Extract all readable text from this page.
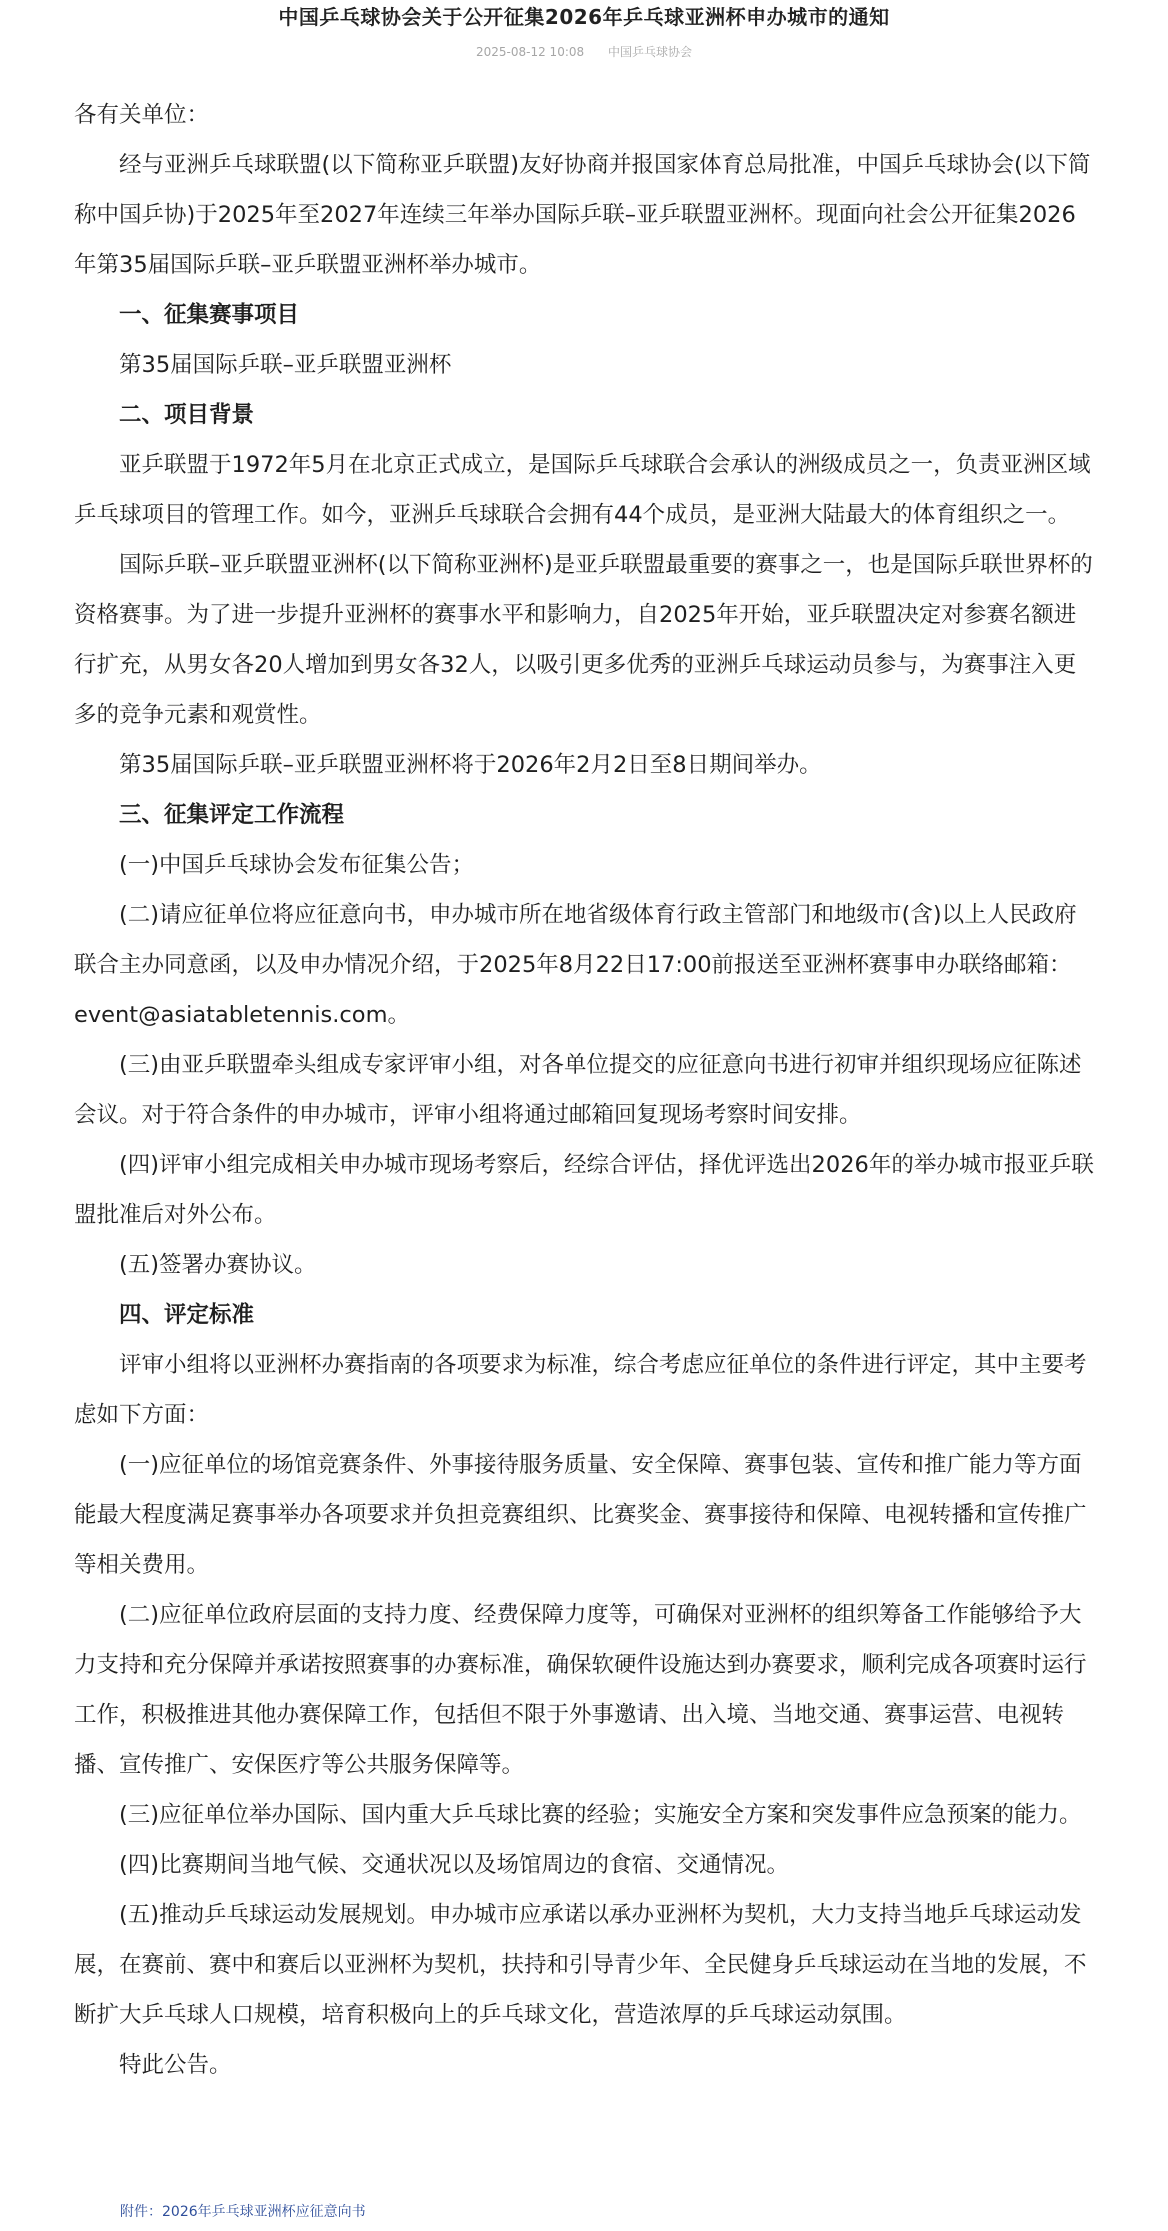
中国乒乓球协会关于公开征集2026年乒乓球亚洲杯申办城市的通知
2025-08-12 10:08 中国乒乓球协会

各有关单位：

经与亚洲乒乓球联盟(以下简称亚乒联盟)友好协商并报国家体育总局批准，中国乒乓球协会(以下简称中国乒协)于2025年至2027年连续三年举办国际乒联–亚乒联盟亚洲杯。现面向社会公开征集2026年第35届国际乒联–亚乒联盟亚洲杯举办城市。

一、征集赛事项目

第35届国际乒联–亚乒联盟亚洲杯

二、项目背景

亚乒联盟于1972年5月在北京正式成立，是国际乒乓球联合会承认的洲级成员之一，负责亚洲区域乒乓球项目的管理工作。如今，亚洲乒乓球联合会拥有44个成员，是亚洲大陆最大的体育组织之一。

国际乒联–亚乒联盟亚洲杯(以下简称亚洲杯)是亚乒联盟最重要的赛事之一，也是国际乒联世界杯的资格赛事。为了进一步提升亚洲杯的赛事水平和影响力，自2025年开始，亚乒联盟决定对参赛名额进行扩充，从男女各20人增加到男女各32人，以吸引更多优秀的亚洲乒乓球运动员参与，为赛事注入更多的竞争元素和观赏性。

第35届国际乒联–亚乒联盟亚洲杯将于2026年2月2日至8日期间举办。

三、征集评定工作流程

(一)中国乒乓球协会发布征集公告；

(二)请应征单位将应征意向书，申办城市所在地省级体育行政主管部门和地级市(含)以上人民政府联合主办同意函，以及申办情况介绍，于2025年8月22日17:00前报送至亚洲杯赛事申办联络邮箱：event@asiatabletennis.com。

(三)由亚乒联盟牵头组成专家评审小组，对各单位提交的应征意向书进行初审并组织现场应征陈述会议。对于符合条件的申办城市，评审小组将通过邮箱回复现场考察时间安排。

(四)评审小组完成相关申办城市现场考察后，经综合评估，择优评选出2026年的举办城市报亚乒联盟批准后对外公布。

(五)签署办赛协议。

四、评定标准

评审小组将以亚洲杯办赛指南的各项要求为标准，综合考虑应征单位的条件进行评定，其中主要考虑如下方面：

(一)应征单位的场馆竞赛条件、外事接待服务质量、安全保障、赛事包装、宣传和推广能力等方面能最大程度满足赛事举办各项要求并负担竞赛组织、比赛奖金、赛事接待和保障、电视转播和宣传推广等相关费用。

(二)应征单位政府层面的支持力度、经费保障力度等，可确保对亚洲杯的组织筹备工作能够给予大力支持和充分保障并承诺按照赛事的办赛标准，确保软硬件设施达到办赛要求，顺利完成各项赛时运行工作，积极推进其他办赛保障工作，包括但不限于外事邀请、出入境、当地交通、赛事运营、电视转播、宣传推广、安保医疗等公共服务保障等。

(三)应征单位举办国际、国内重大乒乓球比赛的经验；实施安全方案和突发事件应急预案的能力。

(四)比赛期间当地气候、交通状况以及场馆周边的食宿、交通情况。

(五)推动乒乓球运动发展规划。申办城市应承诺以承办亚洲杯为契机，大力支持当地乒乓球运动发展，在赛前、赛中和赛后以亚洲杯为契机，扶持和引导青少年、全民健身乒乓球运动在当地的发展，不断扩大乒乓球人口规模，培育积极向上的乒乓球文化，营造浓厚的乒乓球运动氛围。

特此公告。

附件：2026年乒乓球亚洲杯应征意向书
